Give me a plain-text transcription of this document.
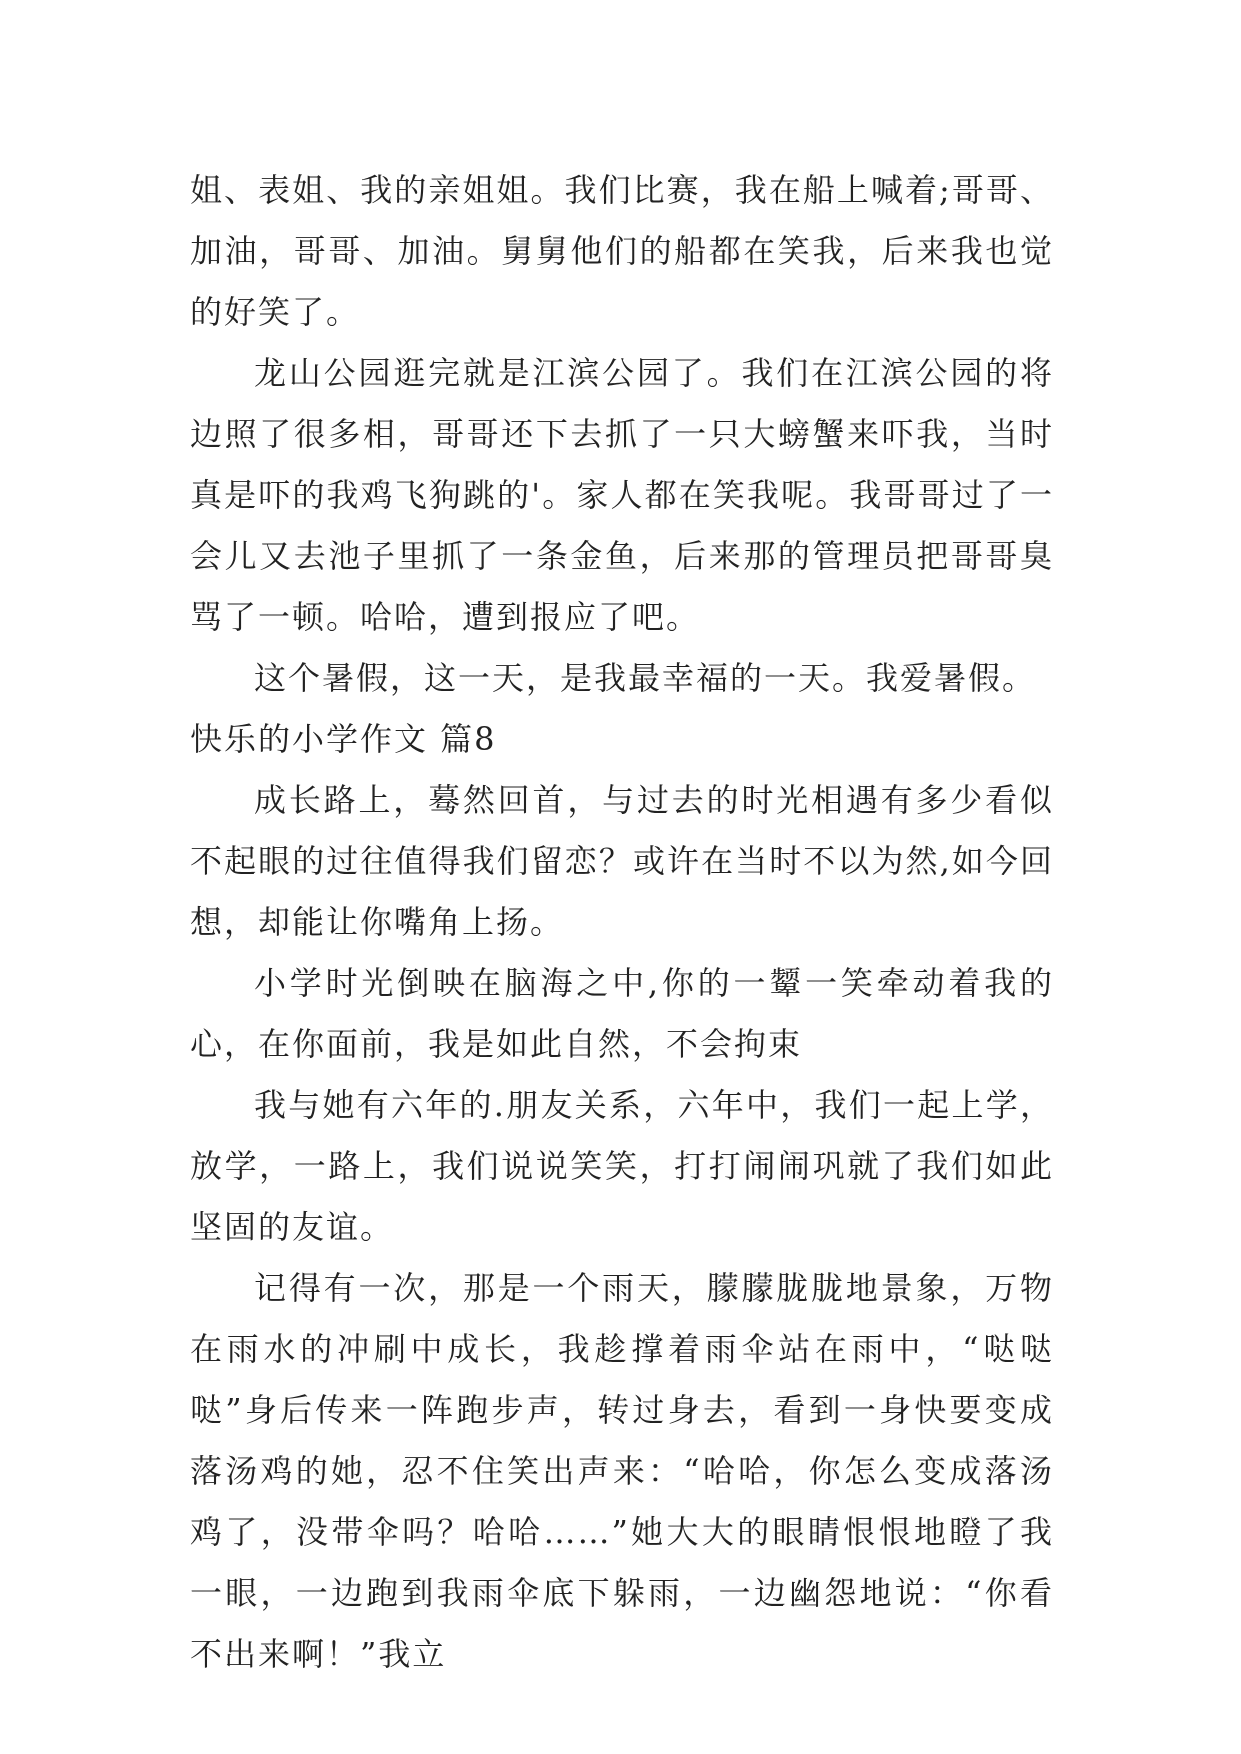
姐、表姐、我的亲姐姐。我们比赛，我在船上喊着;哥哥、加油，哥哥、加油。舅舅他们的船都在笑我，后来我也觉的好笑了。

龙山公园逛完就是江滨公园了。我们在江滨公园的将边照了很多相，哥哥还下去抓了一只大螃蟹来吓我，当时真是吓的我鸡飞狗跳的'。家人都在笑我呢。我哥哥过了一会儿又去池子里抓了一条金鱼，后来那的管理员把哥哥臭骂了一顿。哈哈，遭到报应了吧。

这个暑假，这一天，是我最幸福的一天。我爱暑假。

快乐的小学作文 篇8

成长路上，蓦然回首，与过去的时光相遇有多少看似不起眼的过往值得我们留恋？或许在当时不以为然,如今回想，却能让你嘴角上扬。

小学时光倒映在脑海之中,你的一颦一笑牵动着我的心，在你面前，我是如此自然，不会拘束

我与她有六年的.朋友关系，六年中，我们一起上学，放学，一路上，我们说说笑笑，打打闹闹巩就了我们如此坚固的友谊。

记得有一次，那是一个雨天，朦朦胧胧地景象，万物在雨水的冲刷中成长，我趁撑着雨伞站在雨中，“哒哒哒”身后传来一阵跑步声，转过身去，看到一身快要变成落汤鸡的她，忍不住笑出声来：“哈哈，你怎么变成落汤鸡了，没带伞吗？哈哈……”她大大的眼睛恨恨地瞪了我一眼，一边跑到我雨伞底下躲雨，一边幽怨地说：“你看不出来啊！”我立
